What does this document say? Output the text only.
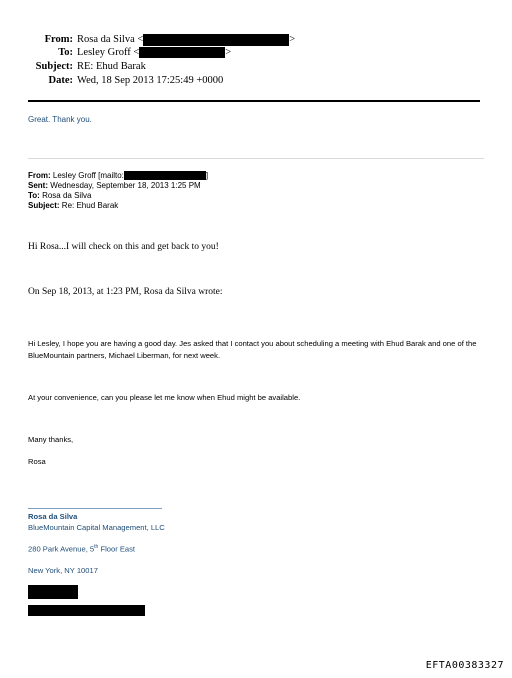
From: Rosa da Silva <	>
To: Lesley Groff <	>
Subject: RE: Ehud Barak
Date: Wed, 18 Sep 2013 17:25:49 +0000
Great. Thank you.
From: Lesley Groff [mailto:	]
Sent: Wednesday, September 18, 2013 1:25 PM
To: Rosa da Silva
Subject: Re: Ehud Barak
Hi Rosa...I will check on this and get back to you!
On Sep 18, 2013, at 1:23 PM, Rosa da Silva wrote:
Hi Lesley, I hope you are having a good day. Jes asked that I contact you about scheduling a meeting with Ehud Barak and one of the BlueMountain partners, Michael Liberman, for next week.
At your convenience, can you please let me know when Ehud might be available.
Many thanks,
Rosa
Rosa da Silva
BlueMountain Capital Management, LLC
280 Park Avenue, 5th Floor East
New York, NY 10017
EFTA00383327
